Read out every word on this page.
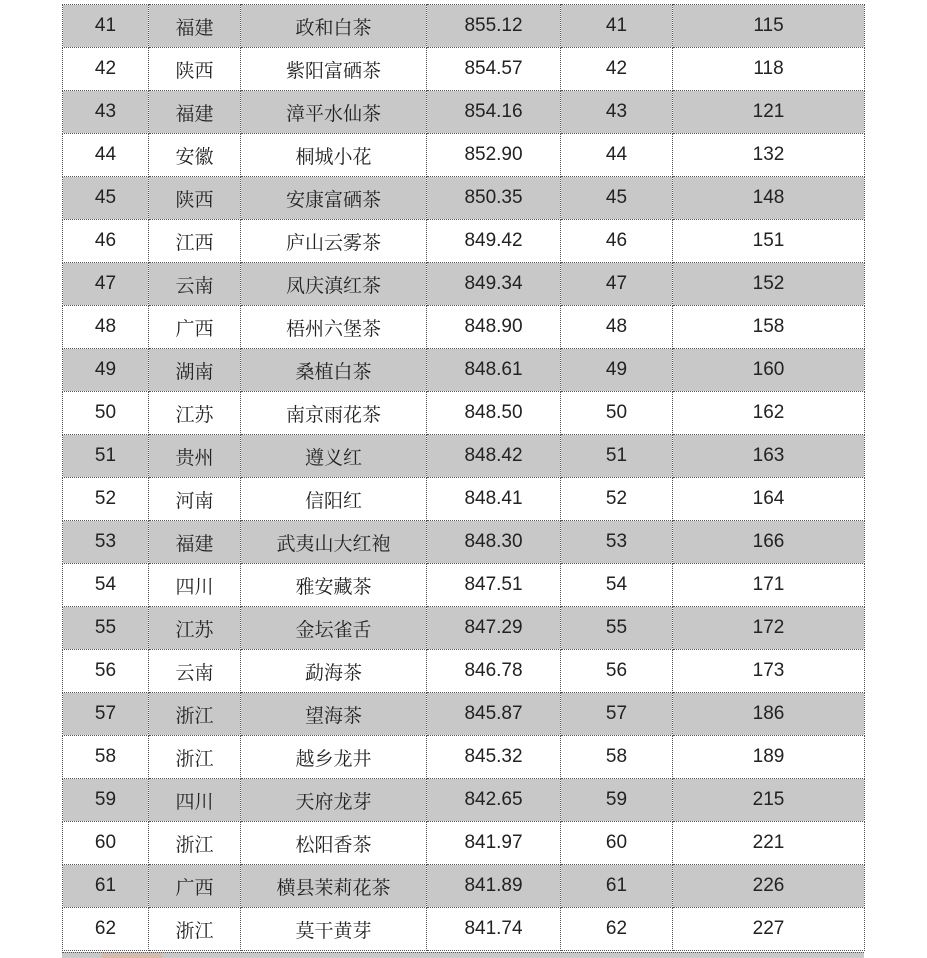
41	福建	政和白茶	855.12	41	115
42	陕西	紫阳富硒茶	854.57	42	118
43	福建	漳平水仙茶	854.16	43	121
44	安徽	桐城小花	852.90	44	132
45	陕西	安康富硒茶	850.35	45	148
46	江西	庐山云雾茶	849.42	46	151
47	云南	凤庆滇红茶	849.34	47	152
48	广西	梧州六堡茶	848.90	48	158
49	湖南	桑植白茶	848.61	49	160
50	江苏	南京雨花茶	848.50	50	162
51	贵州	遵义红	848.42	51	163
52	河南	信阳红	848.41	52	164
53	福建	武夷山大红袍	848.30	53	166
54	四川	雅安藏茶	847.51	54	171
55	江苏	金坛雀舌	847.29	55	172
56	云南	勐海茶	846.78	56	173
57	浙江	望海茶	845.87	57	186
58	浙江	越乡龙井	845.32	58	189
59	四川	天府龙芽	842.65	59	215
60	浙江	松阳香茶	841.97	60	221
61	广西	横县茉莉花茶	841.89	61	226
62	浙江	莫干黄芽	841.74	62	227
